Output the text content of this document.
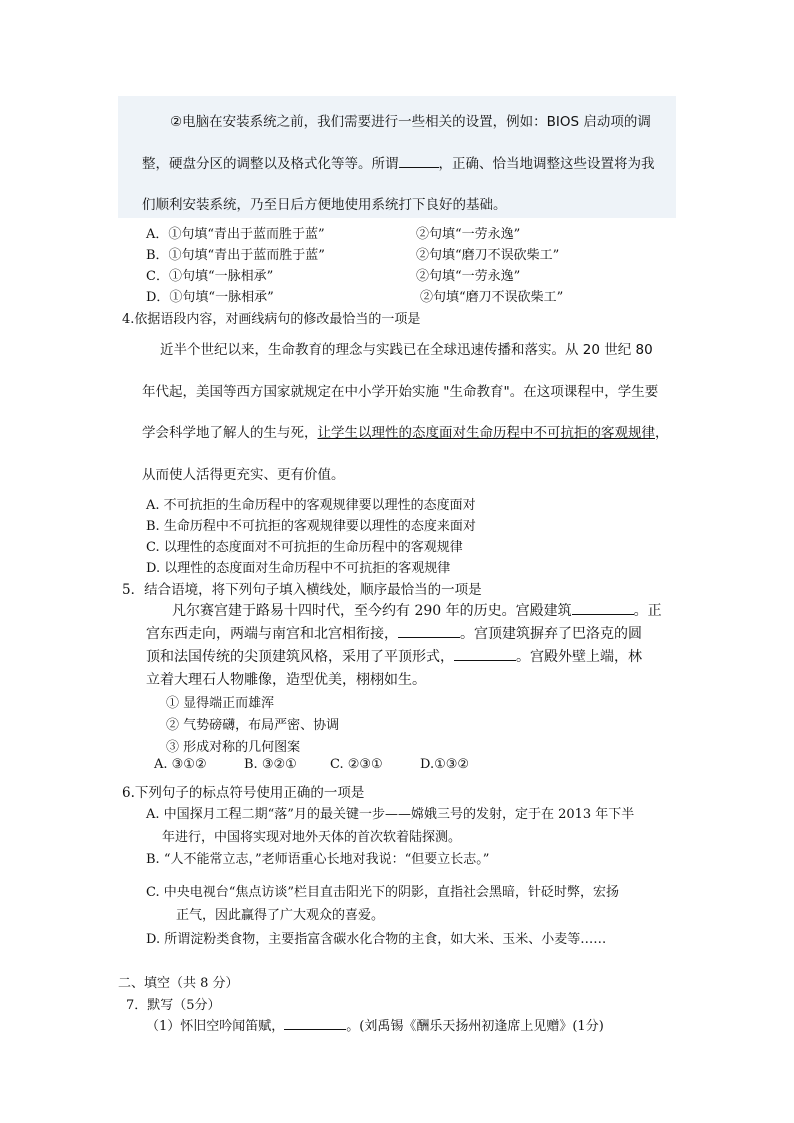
②电脑在安装系统之前，我们需要进行一些相关的设置，例如：BIOS 启动项的调
整，硬盘分区的调整以及格式化等等。所谓	，正确、恰当地调整这些设置将为我
们顺利安装系统，乃至日后方便地使用系统打下良好的基础。
A．①句填“青出于蓝而胜于蓝”	②句填“一劳永逸”
B．①句填“青出于蓝而胜于蓝”	②句填“磨刀不误砍柴工”
C．①句填“一脉相承”	②句填“一劳永逸”
D．①句填“一脉相承”	②句填“磨刀不误砍柴工”
4.依据语段内容，对画线病句的修改最恰当的一项是
近半个世纪以来，生命教育的理念与实践已在全球迅速传播和落实。从 20 世纪 80
年代起，美国等西方国家就规定在中小学开始实施 "生命教育"。在这项课程中，学生要
学会科学地了解人的生与死，让学生以理性的态度面对生命历程中不可抗拒的客观规律，
从而使人活得更充实、更有价值。
A. 不可抗拒的生命历程中的客观规律要以理性的态度面对
B. 生命历程中不可抗拒的客观规律要以理性的态度来面对
C. 以理性的态度面对不可抗拒的生命历程中的客观规律
D. 以理性的态度面对生命历程中不可抗拒的客观规律
5．结合语境，将下列句子填入横线处，顺序最恰当的一项是
凡尔赛宫建于路易十四时代，至今约有 290 年的历史。宫殿建筑	。正
宫东西走向，两端与南宫和北宫相衔接，	。宫顶建筑摒弃了巴洛克的圆
顶和法国传统的尖顶建筑风格，采用了平顶形式，	。宫殿外壁上端，林
立着大理石人物雕像，造型优美，栩栩如生。
① 显得端正而雄浑
② 气势磅礴，布局严密、协调
③ 形成对称的几何图案
A. ③①②	B. ③②①	C. ②③①	D.①③②
6.下列句子的标点符号使用正确的一项是
A. 中国探月工程二期“落”月的最关键一步——嫦娥三号的发射，定于在 2013 年下半
年进行，中国将实现对地外天体的首次软着陆探测。
B. “人不能常立志，”老师语重心长地对我说：“但要立长志。”
C. 中央电视台“焦点访谈”栏目直击阳光下的阴影，直指社会黑暗，针砭时弊，宏扬
正气，因此赢得了广大观众的喜爱。
D. 所谓淀粉类食物，主要指富含碳水化合物的主食，如大米、玉米、小麦等……
二、填空（共 8 分）
7．默写（5分）
（1）怀旧空吟闻笛赋，	。(刘禹锡《酬乐天扬州初逢席上见赠》(1分)
